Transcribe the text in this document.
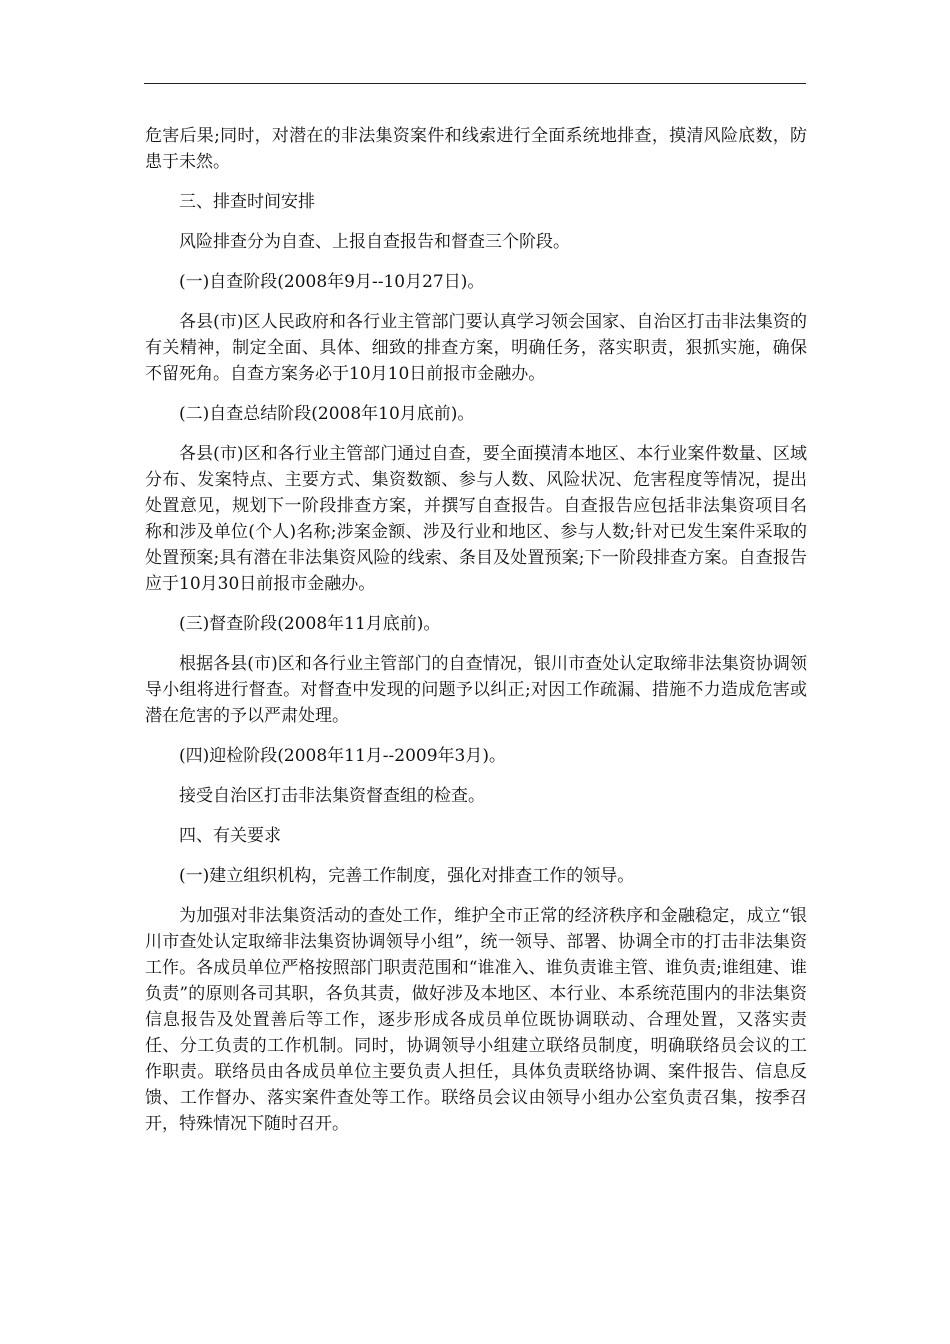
危害后果;同时，对潜在的非法集资案件和线索进行全面系统地排查，摸清风险底数，防患于未然。

三、排查时间安排

风险排查分为自查、上报自查报告和督查三个阶段。

(一)自查阶段(2008年9月--10月27日)。

各县(市)区人民政府和各行业主管部门要认真学习领会国家、自治区打击非法集资的有关精神，制定全面、具体、细致的排查方案，明确任务，落实职责，狠抓实施，确保不留死角。自查方案务必于10月10日前报市金融办。

(二)自查总结阶段(2008年10月底前)。

各县(市)区和各行业主管部门通过自查，要全面摸清本地区、本行业案件数量、区域分布、发案特点、主要方式、集资数额、参与人数、风险状况、危害程度等情况，提出处置意见，规划下一阶段排查方案，并撰写自查报告。自查报告应包括非法集资项目名称和涉及单位(个人)名称;涉案金额、涉及行业和地区、参与人数;针对已发生案件采取的处置预案;具有潜在非法集资风险的线索、条目及处置预案;下一阶段排查方案。自查报告应于10月30日前报市金融办。

(三)督查阶段(2008年11月底前)。

根据各县(市)区和各行业主管部门的自查情况，银川市查处认定取缔非法集资协调领导小组将进行督查。对督查中发现的问题予以纠正;对因工作疏漏、措施不力造成危害或潜在危害的予以严肃处理。

(四)迎检阶段(2008年11月--2009年3月)。

接受自治区打击非法集资督查组的检查。

四、有关要求

(一)建立组织机构，完善工作制度，强化对排查工作的领导。

为加强对非法集资活动的查处工作，维护全市正常的经济秩序和金融稳定，成立“银川市查处认定取缔非法集资协调领导小组”，统一领导、部署、协调全市的打击非法集资工作。各成员单位严格按照部门职责范围和“谁准入、谁负责谁主管、谁负责;谁组建、谁负责”的原则各司其职，各负其责，做好涉及本地区、本行业、本系统范围内的非法集资信息报告及处置善后等工作，逐步形成各成员单位既协调联动、合理处置，又落实责任、分工负责的工作机制。同时，协调领导小组建立联络员制度，明确联络员会议的工作职责。联络员由各成员单位主要负责人担任，具体负责联络协调、案件报告、信息反馈、工作督办、落实案件查处等工作。联络员会议由领导小组办公室负责召集，按季召开，特殊情况下随时召开。
